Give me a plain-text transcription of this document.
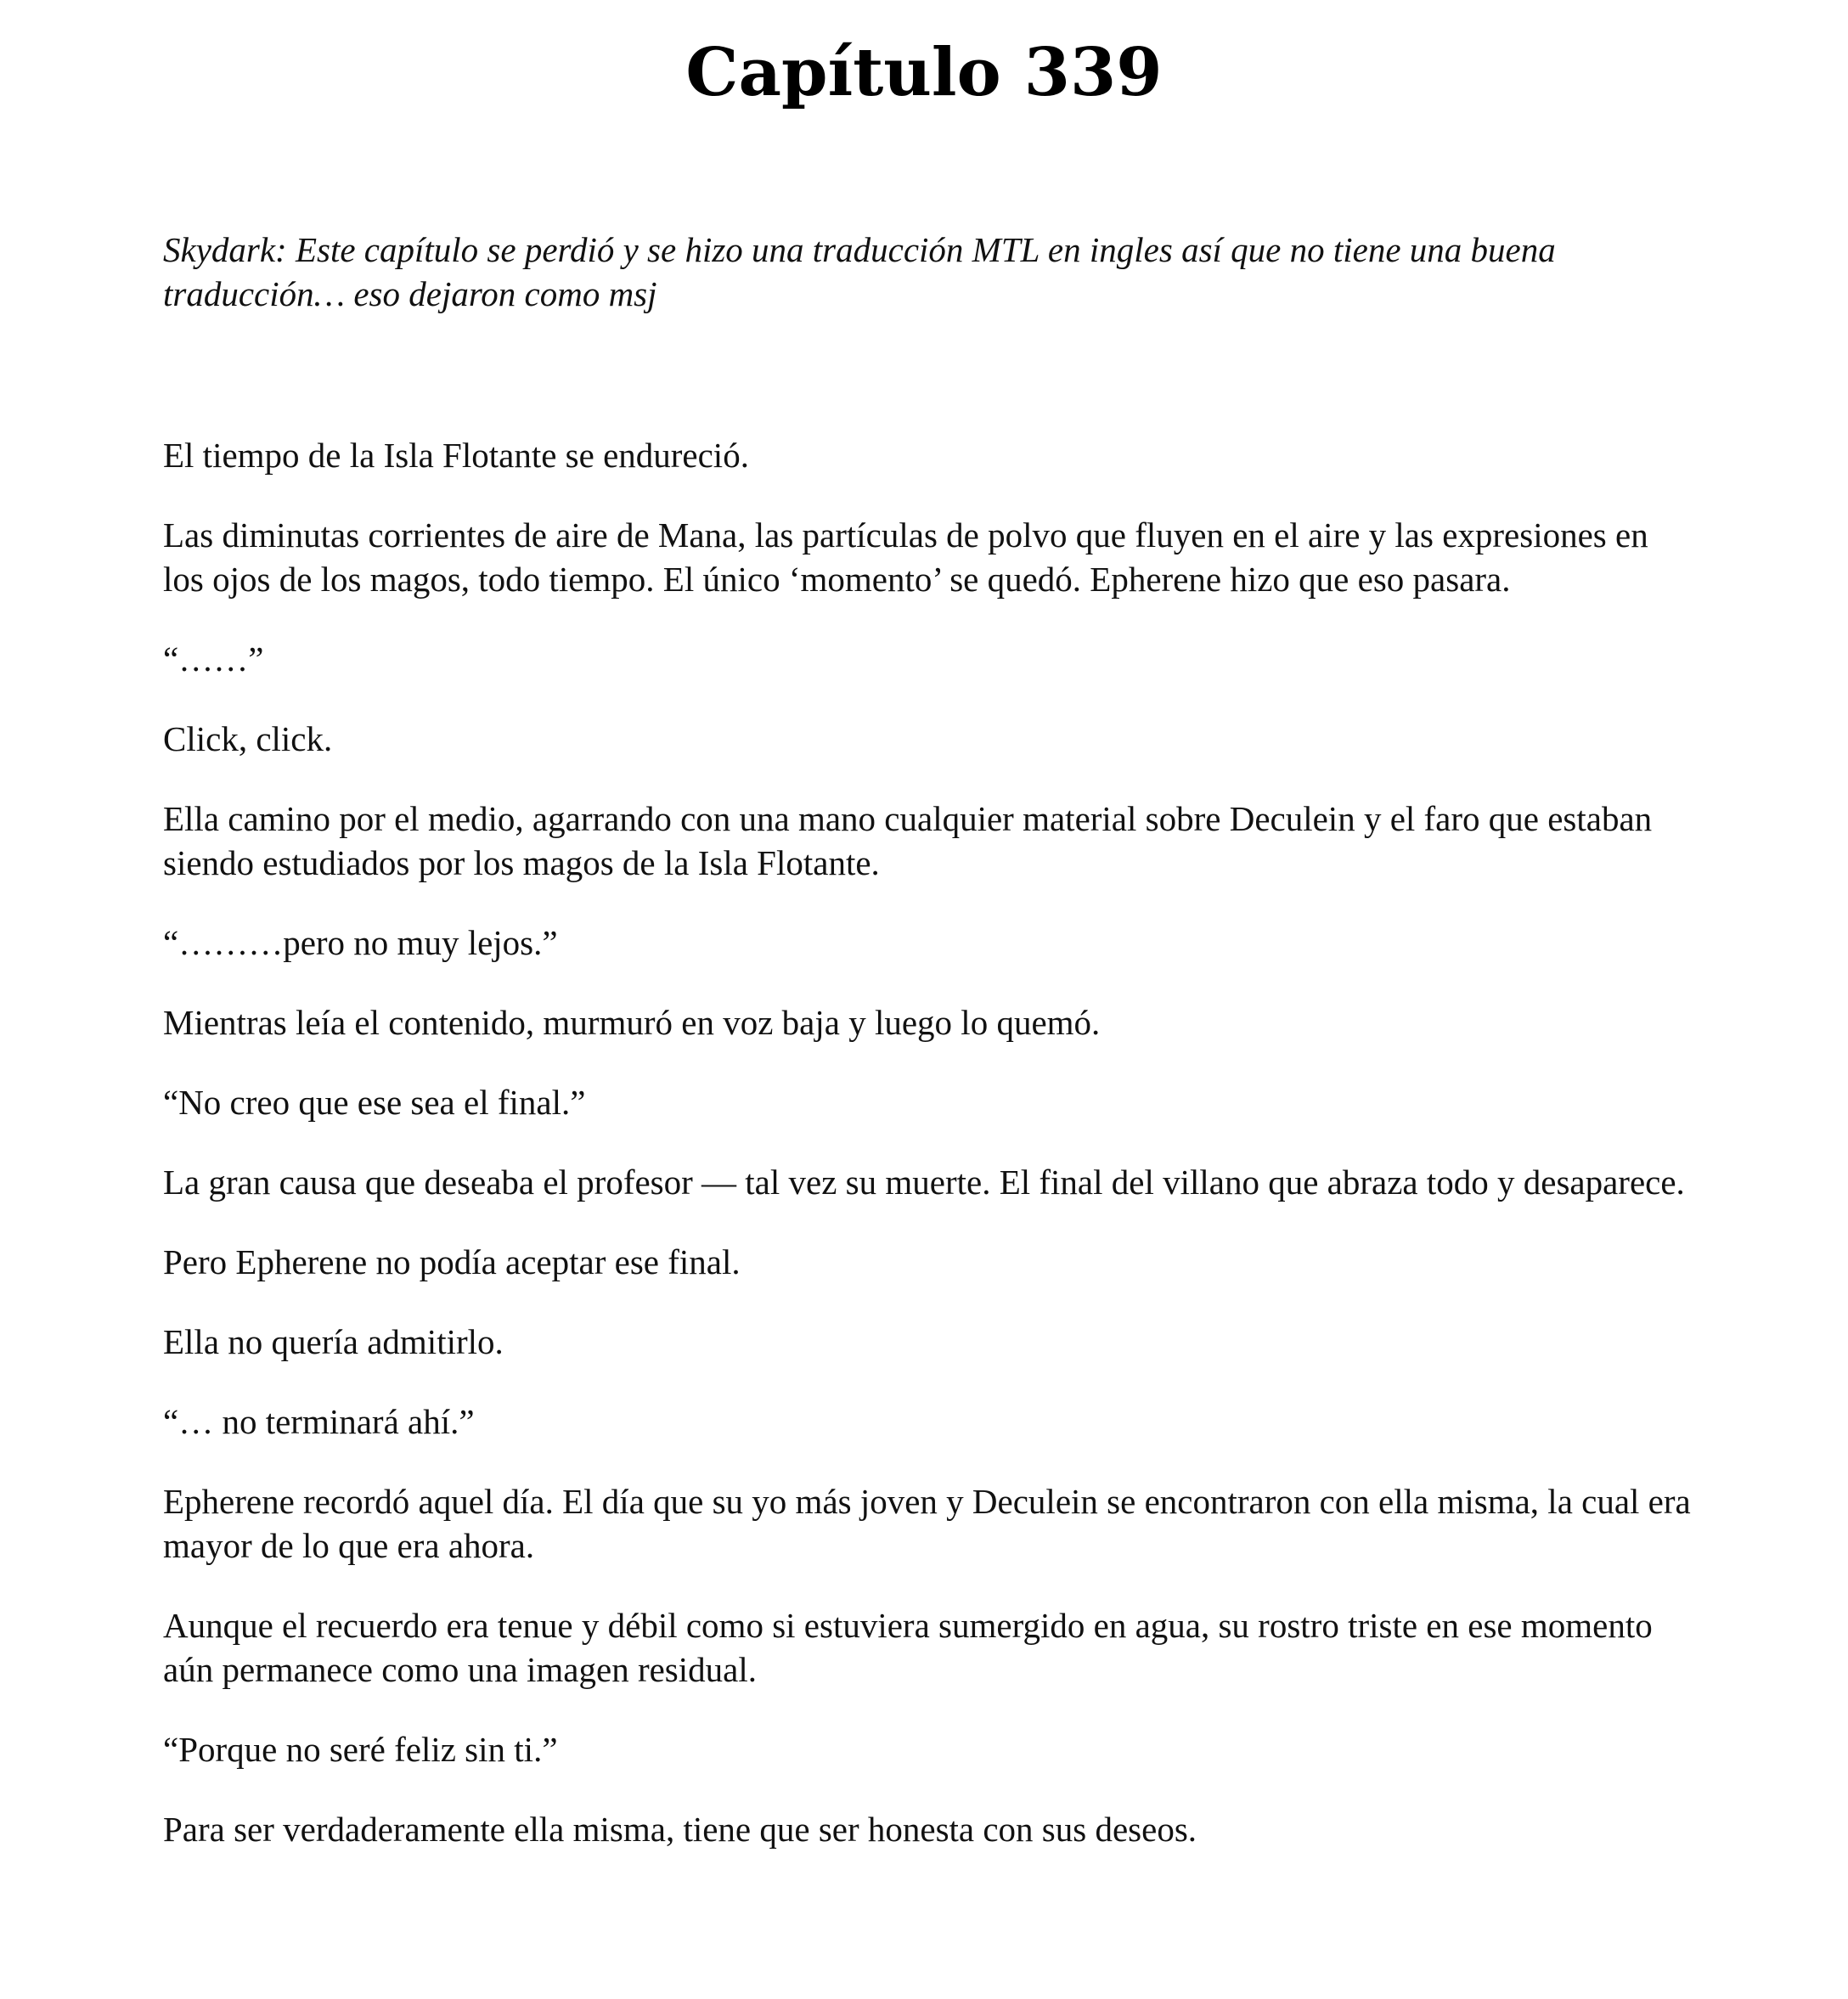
Capítulo 339

Skydark: Este capítulo se perdió y se hizo una traducción MTL en ingles así que no tiene una buena traducción… eso dejaron como msj

El tiempo de la Isla Flotante se endureció.

Las diminutas corrientes de aire de Mana, las partículas de polvo que fluyen en el aire y las expresiones en los ojos de los magos, todo tiempo. El único ‘momento’ se quedó. Epherene hizo que eso pasara.

“……”

Click, click.

Ella camino por el medio, agarrando con una mano cualquier material sobre Deculein y el faro que estaban siendo estudiados por los magos de la Isla Flotante.

“………pero no muy lejos.”

Mientras leía el contenido, murmuró en voz baja y luego lo quemó.

“No creo que ese sea el final.”

La gran causa que deseaba el profesor — tal vez su muerte. El final del villano que abraza todo y desaparece.

Pero Epherene no podía aceptar ese final.

Ella no quería admitirlo.

“… no terminará ahí.”

Epherene recordó aquel día. El día que su yo más joven y Deculein se encontraron con ella misma, la cual era mayor de lo que era ahora.

Aunque el recuerdo era tenue y débil como si estuviera sumergido en agua, su rostro triste en ese momento aún permanece como una imagen residual.

“Porque no seré feliz sin ti.”

Para ser verdaderamente ella misma, tiene que ser honesta con sus deseos.
